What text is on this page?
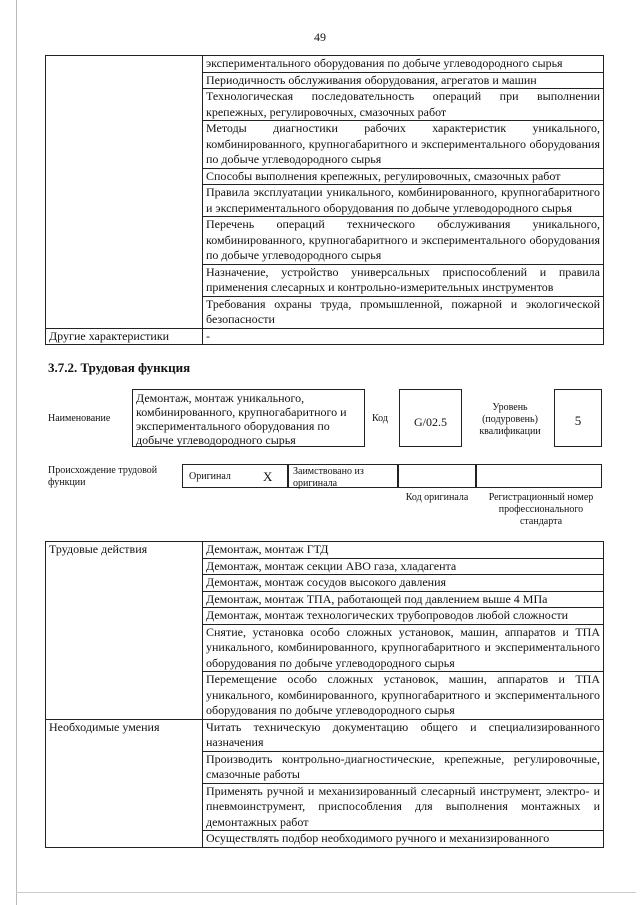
49
	экспериментального оборудования по добыче углеводородного сырья
	Периодичность обслуживания оборудования, агрегатов и машин
	Технологическая последовательность операций при выполнении крепежных, регулировочных, смазочных работ
	Методы диагностики рабочих характеристик уникального, комбинированного, крупногабаритного и экспериментального оборудования по добыче углеводородного сырья
	Способы выполнения крепежных, регулировочных, смазочных работ
	Правила эксплуатации уникального, комбинированного, крупногабаритного и экспериментального оборудования по добыче углеводородного сырья
	Перечень операций технического обслуживания уникального, комбинированного, крупногабаритного и экспериментального оборудования по добыче углеводородного сырья
	Назначение, устройство универсальных приспособлений и правила применения слесарных и контрольно-измерительных инструментов
	Требования охраны труда, промышленной, пожарной и экологической безопасности
Другие характеристики	-
3.7.2. Трудовая функция
Наименование
Демонтаж, монтаж уникального, комбинированного, крупногабаритного и экспериментального оборудования по добыче углеводородного сырья
Код	G/02.5
Уровень (подуровень) квалификации
5
Происхождение трудовой функции
Оригинал X Заимствовано из оригинала
Код оригинала	Регистрационный номер профессионального стандарта
Трудовые действия	Демонтаж, монтаж ГТД
	Демонтаж, монтаж секции АВО газа, хладагента
	Демонтаж, монтаж сосудов высокого давления
	Демонтаж, монтаж ТПА, работающей под давлением выше 4 МПа
	Демонтаж, монтаж технологических трубопроводов любой сложности
	Снятие, установка особо сложных установок, машин, аппаратов и ТПА уникального, комбинированного, крупногабаритного и экспериментального оборудования по добыче углеводородного сырья
	Перемещение особо сложных установок, машин, аппаратов и ТПА уникального, комбинированного, крупногабаритного и экспериментального оборудования по добыче углеводородного сырья
Необходимые умения	Читать техническую документацию общего и специализированного назначения
	Производить контрольно-диагностические, крепежные, регулировочные, смазочные работы
	Применять ручной и механизированный слесарный инструмент, электро- и пневмоинструмент, приспособления для выполнения монтажных и демонтажных работ
	Осуществлять подбор необходимого ручного и механизированного
